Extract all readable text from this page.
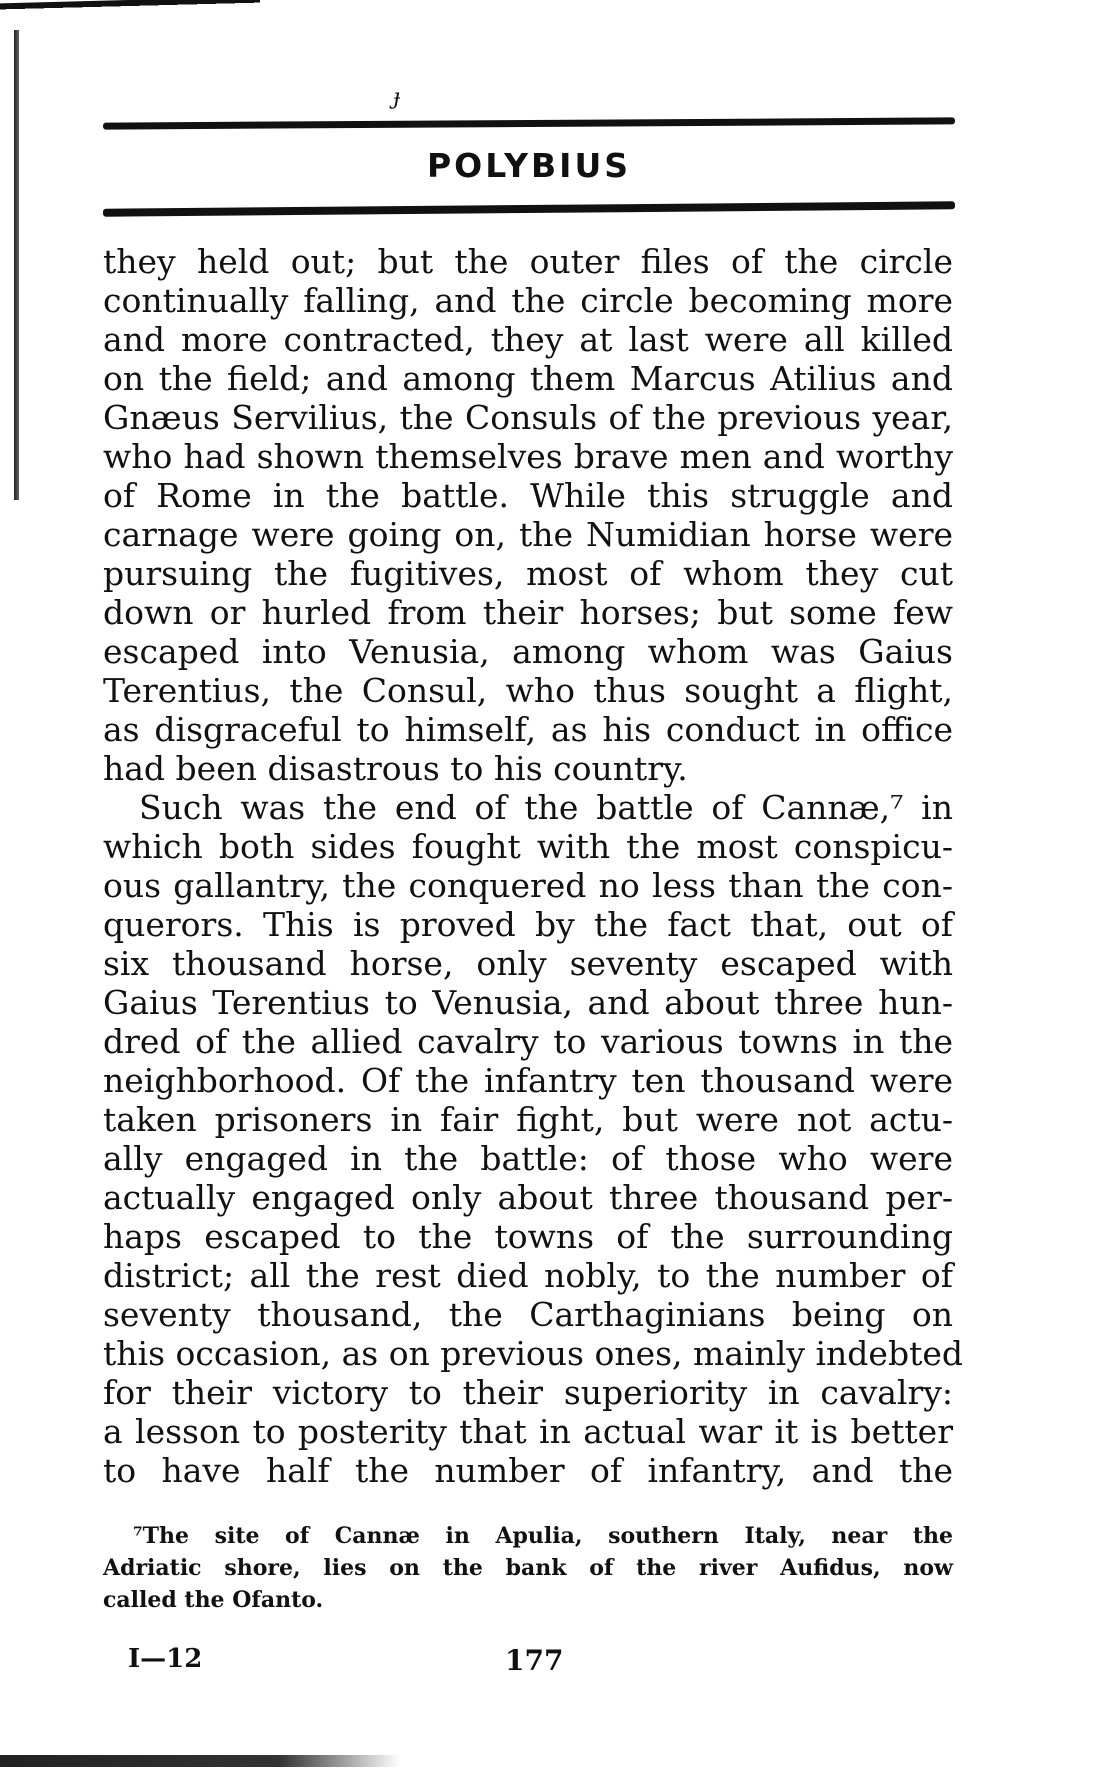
ɟ
POLYBIUS
they held out; but the outer files of the circle
continually falling, and the circle becoming more
and more contracted, they at last were all killed
on the field; and among them Marcus Atilius and
Gnæus Servilius, the Consuls of the previous year,
who had shown themselves brave men and worthy
of Rome in the battle. While this struggle and
carnage were going on, the Numidian horse were
pursuing the fugitives, most of whom they cut
down or hurled from their horses; but some few
escaped into Venusia, among whom was Gaius
Terentius, the Consul, who thus sought a flight,
as disgraceful to himself, as his conduct in office
had been disastrous to his country.
Such was the end of the battle of Cannæ,⁷ in
which both sides fought with the most conspicu-
ous gallantry, the conquered no less than the con-
querors. This is proved by the fact that, out of
six thousand horse, only seventy escaped with
Gaius Terentius to Venusia, and about three hun-
dred of the allied cavalry to various towns in the
neighborhood. Of the infantry ten thousand were
taken prisoners in fair fight, but were not actu-
ally engaged in the battle: of those who were
actually engaged only about three thousand per-
haps escaped to the towns of the surrounding
district; all the rest died nobly, to the number of
seventy thousand, the Carthaginians being on
this occasion, as on previous ones, mainly indebted
for their victory to their superiority in cavalry:
a lesson to posterity that in actual war it is better
to have half the number of infantry, and the
⁷The site of Cannæ in Apulia, southern Italy, near the
Adriatic shore, lies on the bank of the river Aufidus, now
called the Ofanto.
I—12	177
